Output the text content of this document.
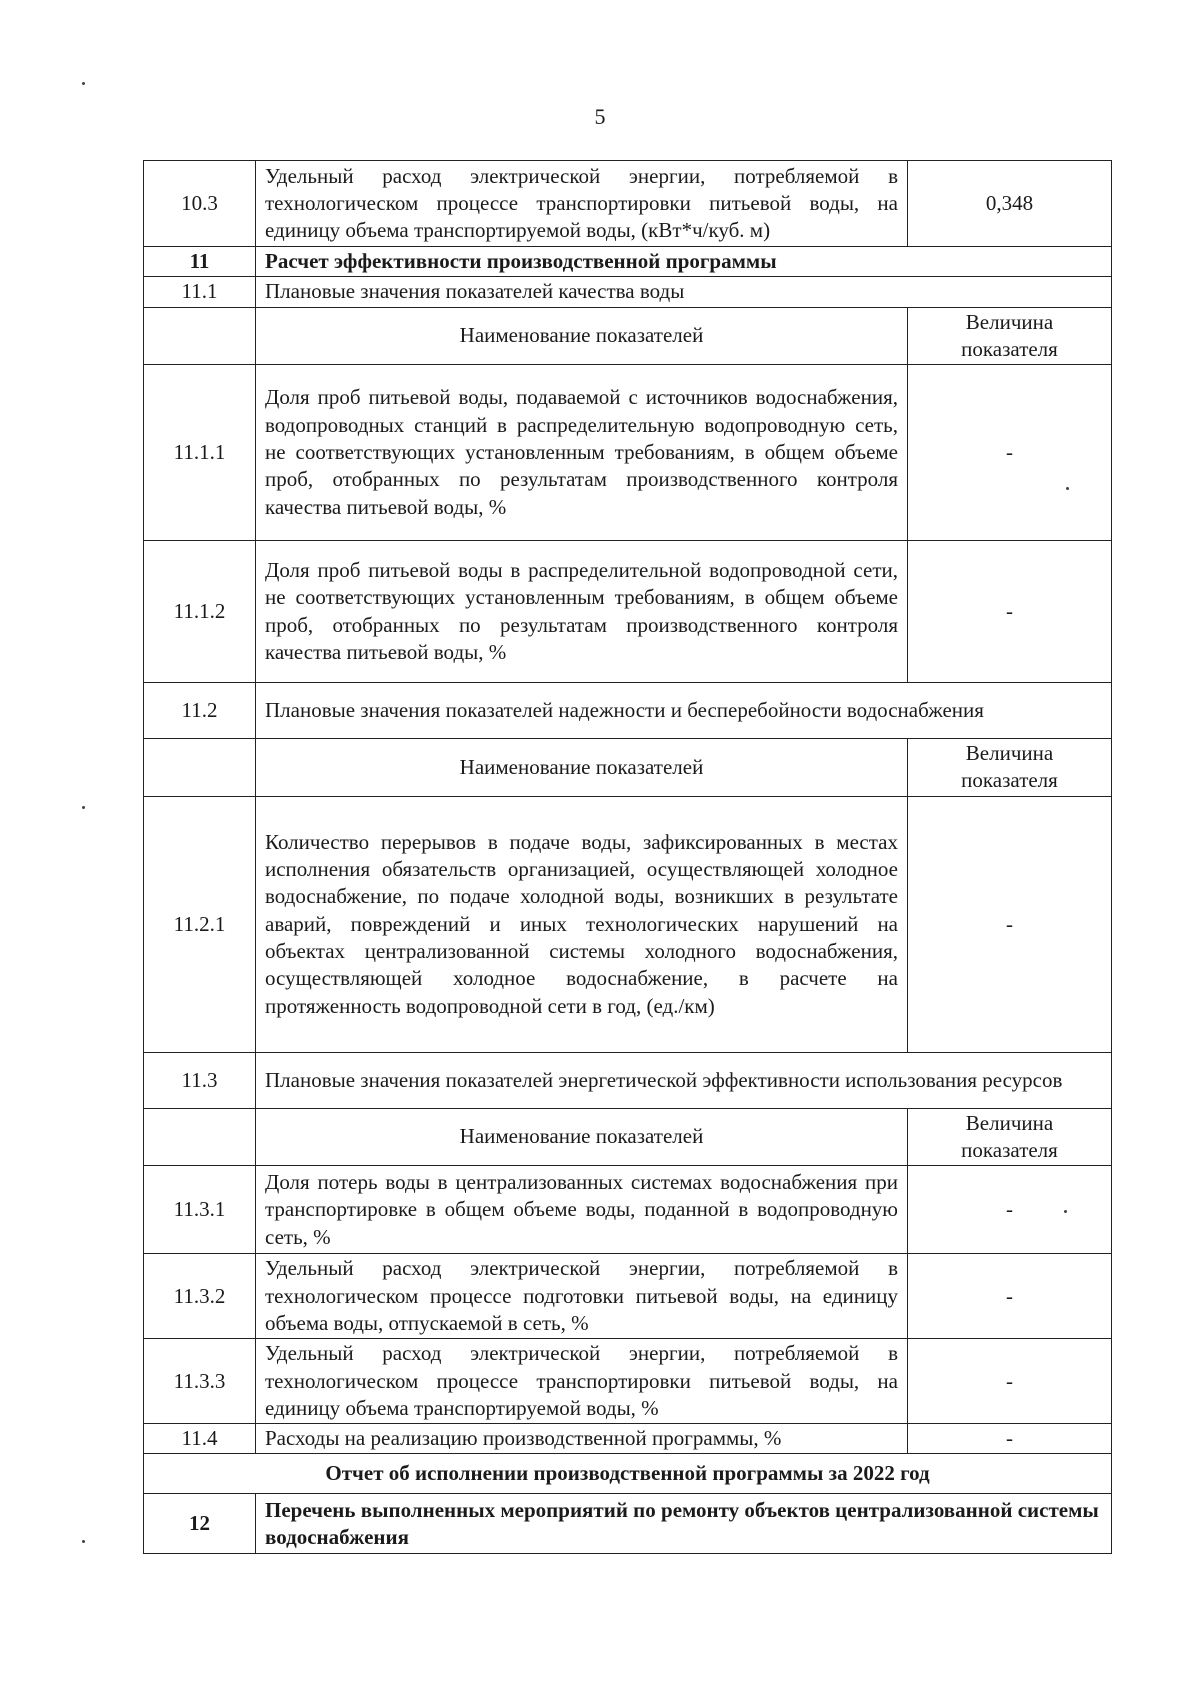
5
10.3	Удельный расход электрической энергии, потребляемой в технологическом процессе транспортировки питьевой воды, на единицу объема транспортируемой воды, (кВт*ч/куб. м)	0,348
11	Расчет эффективности производственной программы	
11.1	Плановые значения показателей качества воды	
	Наименование показателей	Величина показателя
11.1.1	Доля проб питьевой воды, подаваемой с источников водоснабжения, водопроводных станций в распределительную водопроводную сеть, не соответствующих установленным требованиям, в общем объеме проб, отобранных по результатам производственного контроля качества питьевой воды, %	-
11.1.2	Доля проб питьевой воды в распределительной водопроводной сети, не соответствующих установленным требованиям, в общем объеме проб, отобранных по результатам производственного контроля качества питьевой воды, %	-
11.2	Плановые значения показателей надежности и бесперебойности водоснабжения	
	Наименование показателей	Величина показателя
11.2.1	Количество перерывов в подаче воды, зафиксированных в местах исполнения обязательств организацией, осуществляющей холодное водоснабжение, по подаче холодной воды, возникших в результате аварий, повреждений и иных технологических нарушений на объектах централизованной системы холодного водоснабжения, осуществляющей холодное водоснабжение, в расчете на протяженность водопроводной сети в год, (ед./км)	-
11.3	Плановые значения показателей энергетической эффективности использования ресурсов	
	Наименование показателей	Величина показателя
11.3.1	Доля потерь воды в централизованных системах водоснабжения при транспортировке в общем объеме воды, поданной в водопроводную сеть, %	-
11.3.2	Удельный расход электрической энергии, потребляемой в технологическом процессе подготовки питьевой воды, на единицу объема воды, отпускаемой в сеть, %	-
11.3.3	Удельный расход электрической энергии, потребляемой в технологическом процессе транспортировки питьевой воды, на единицу объема транспортируемой воды, %	-
11.4	Расходы на реализацию производственной программы, %	-
Отчет об исполнении производственной программы за 2022 год		
12	Перечень выполненных мероприятий по ремонту объектов централизованной системы водоснабжения	
